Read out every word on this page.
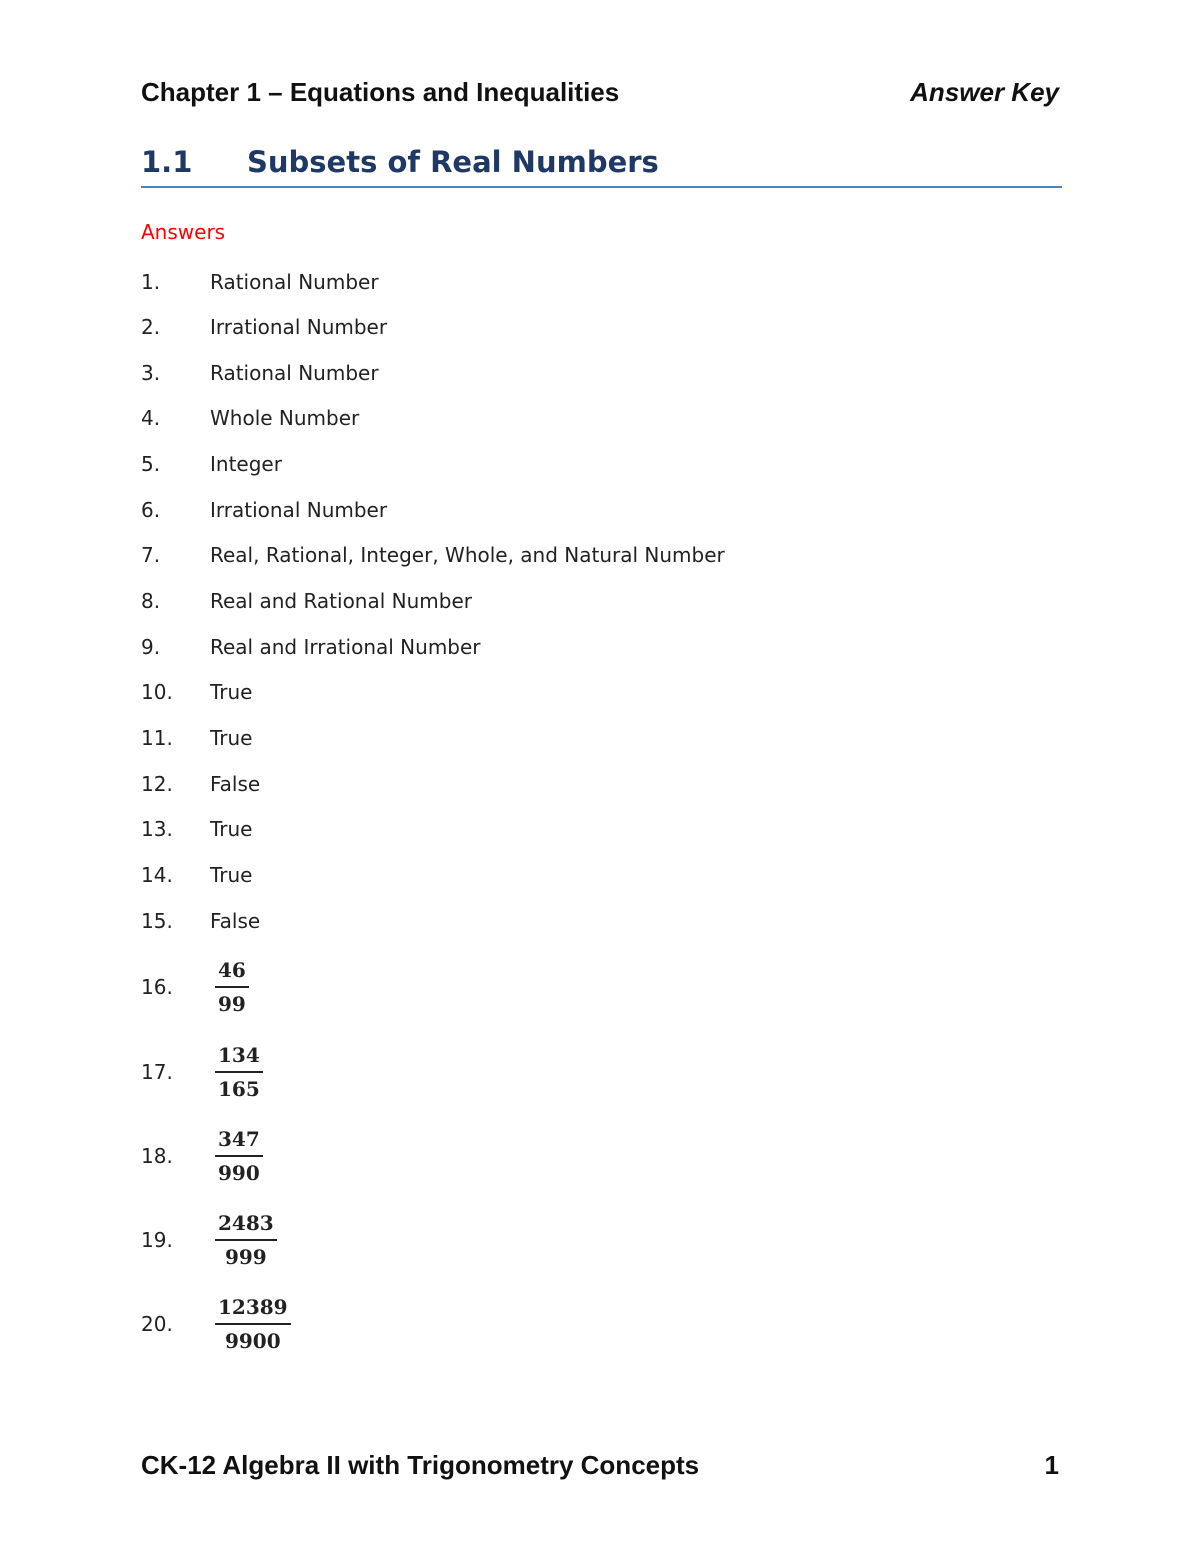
Chapter 1 – Equations and Inequalities	Answer Key
1.1	Subsets of Real Numbers
Answers
1.	Rational Number
2.	Irrational Number
3.	Rational Number
4.	Whole Number
5.	Integer
6.	Irrational Number
7.	Real, Rational, Integer, Whole, and Natural Number
8.	Real and Rational Number
9.	Real and Irrational Number
10.	True
11.	True
12.	False
13.	True
14.	True
15.	False
16.	$\frac{46}{99}$
17.	$\frac{134}{165}$
18.	$\frac{347}{990}$
19.	$\frac{2483}{999}$
20.	$\frac{12389}{9900}$
CK-12 Algebra II with Trigonometry Concepts	1
